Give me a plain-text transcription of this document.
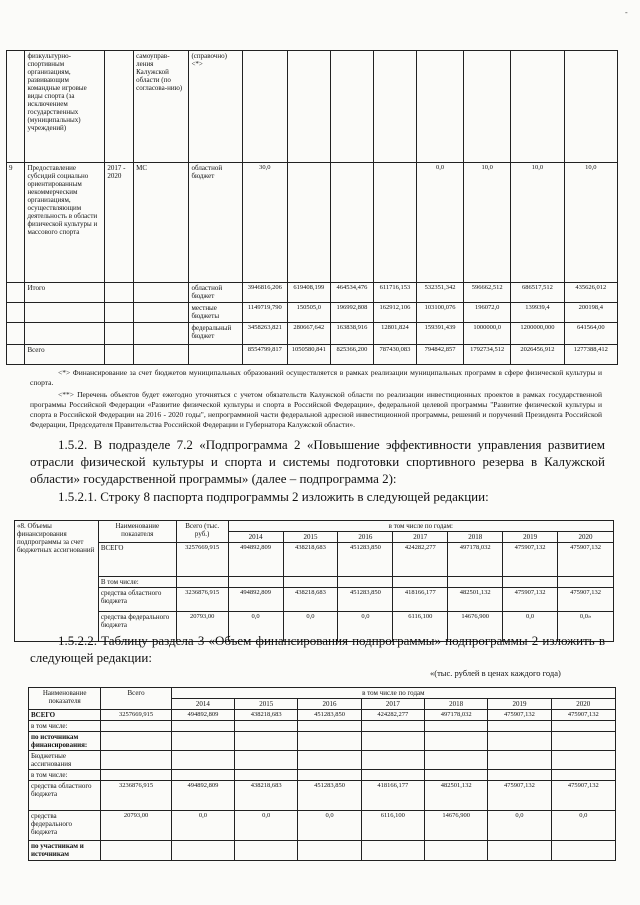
-
	физкультурно-спортивным организациям, развивающим командные игровые виды спорта (за исключением государственных (муниципальных) учреждений)		самоуправ-ления Калужской области (по согласова-нию)	(справочно) <*>								
9	Предоставление субсидий социально ориентированным некоммерческим организациям, осуществляющим деятельность в области физической культуры и массового спорта	2017 - 2020	МС	областной бюджет	30,0				0,0	10,0	10,0	10,0
	Итого			областной бюджет	3946816,206	619408,199	464534,476	611716,153	532351,342	596662,512	686517,512	435626,012
				местные бюджеты	1149719,790	150505,0	196992,808	162912,106	103100,076	196072,0	139939,4	200198,4
				федеральный бюджет	3458263,821	280667,642	163838,916	12801,824	159391,439	1000000,0	1200000,000	641564,00
	Всего				8554799,817	1050580,841	825366,200	787430,083	794842,857	1792734,512	2026456,912	1277388,412
<*> Финансирование за счет бюджетов муниципальных образований осуществляется в рамках реализации муниципальных программ в сфере физической культуры и спорта.
<**> Перечень объектов будет ежегодно уточняться с учетом обязательств Калужской области по реализации инвестиционных проектов в рамках государственной программы Российской Федерации «Развитие физической культуры и спорта в Российской Федерации», федеральной целевой программы "Развитие физической культуры и спорта в Российской Федерации на 2016 - 2020 годы", непрограммной части федеральной адресной инвестиционной программы, решений и поручений Президента Российской Федерации, Председателя Правительства Российской Федерации и Губернатора Калужской области».
1.5.2. В подразделе 7.2 «Подпрограмма 2 «Повышение эффективности управления развитием отрасли физической культуры и спорта и системы подготовки спортивного резерва в Калужской области» государственной программы» (далее – подпрограмма 2):
1.5.2.1. Строку 8 паспорта подпрограммы 2 изложить в следующей редакции:
«8. Объемы финансирования подпрограммы за счет бюджетных ассигнований	Наименование показателя	Всего (тыс. руб.)	в том числе по годам:						
			2014	2015	2016	2017	2018	2019	2020
	ВСЕГО	3257669,915	494892,809	438218,683	451283,850	424282,277	497178,032	475907,132	475907,132
	В том числе:								
	средства областного бюджета	3236876,915	494892,809	438218,683	451283,850	418166,177	482501,132	475907,132	475907,132
	средства федерального бюджета	20793,00	0,0	0,0	0,0	6116,100	14676,900	0,0	0,0»
1.5.2.2. Таблицу раздела 3 «Объем финансирования подпрограммы» подпрограммы 2 изложить в следующей редакции:
«(тыс. рублей в ценах каждого года)
Наименование показателя	Всего	в том числе по годам						
		2014	2015	2016	2017	2018	2019	2020
ВСЕГО	3257669,915	494892,809	438218,683	451283,850	424282,277	497178,032	475907,132	475907,132
в том числе:								
по источникам финансирования:								
Бюджетные ассигнования								
в том числе:								
средства областного бюджета	3236876,915	494892,809	438218,683	451283,850	418166,177	482501,132	475907,132	475907,132
средства федерального бюджета	20793,00	0,0	0,0	0,0	6116,100	14676,900	0,0	0,0
по участникам и источникам								
